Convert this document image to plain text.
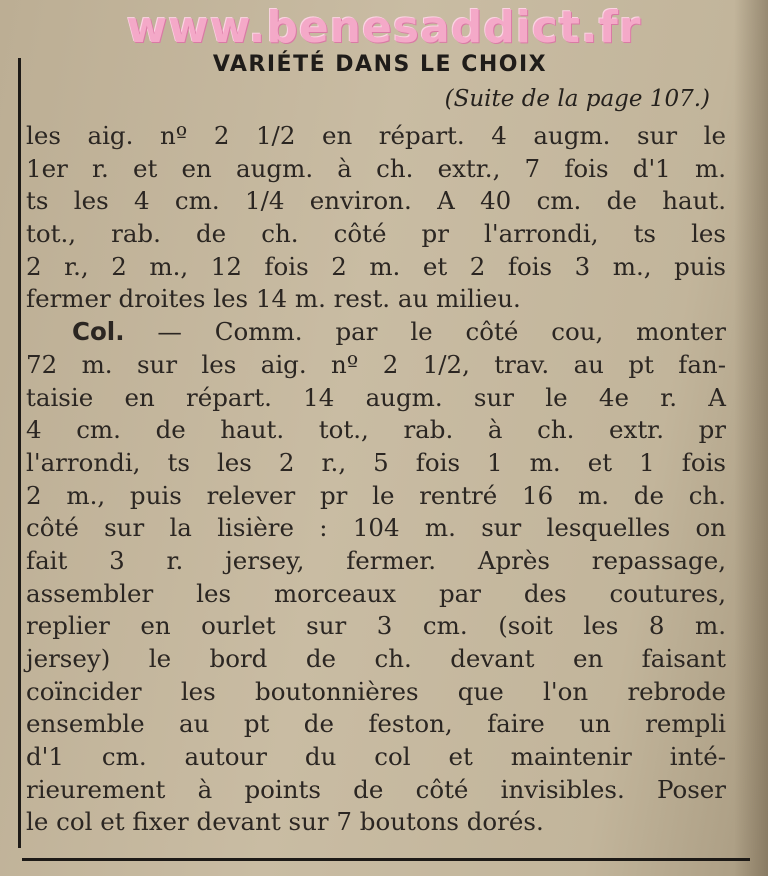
www.benesaddict.fr
VARIÉTÉ DANS LE CHOIX
(Suite de la page 107.)
les aig. nº 2 1/2 en répart. 4 augm. sur le
1er r. et en augm. à ch. extr., 7 fois d'1 m.
ts les 4 cm. 1/4 environ. A 40 cm. de haut.
tot., rab. de ch. côté pr l'arrondi, ts les
2 r., 2 m., 12 fois 2 m. et 2 fois 3 m., puis
fermer droites les 14 m. rest. au milieu.
Col. — Comm. par le côté cou, monter
72 m. sur les aig. nº 2 1/2, trav. au pt fan-
taisie en répart. 14 augm. sur le 4e r. A
4 cm. de haut. tot., rab. à ch. extr. pr
l'arrondi, ts les 2 r., 5 fois 1 m. et 1 fois
2 m., puis relever pr le rentré 16 m. de ch.
côté sur la lisière : 104 m. sur lesquelles on
fait 3 r. jersey, fermer. Après repassage,
assembler les morceaux par des coutures,
replier en ourlet sur 3 cm. (soit les 8 m.
jersey) le bord de ch. devant en faisant
coïncider les boutonnières que l'on rebrode
ensemble au pt de feston, faire un rempli
d'1 cm. autour du col et maintenir inté-
rieurement à points de côté invisibles. Poser
le col et fixer devant sur 7 boutons dorés.
